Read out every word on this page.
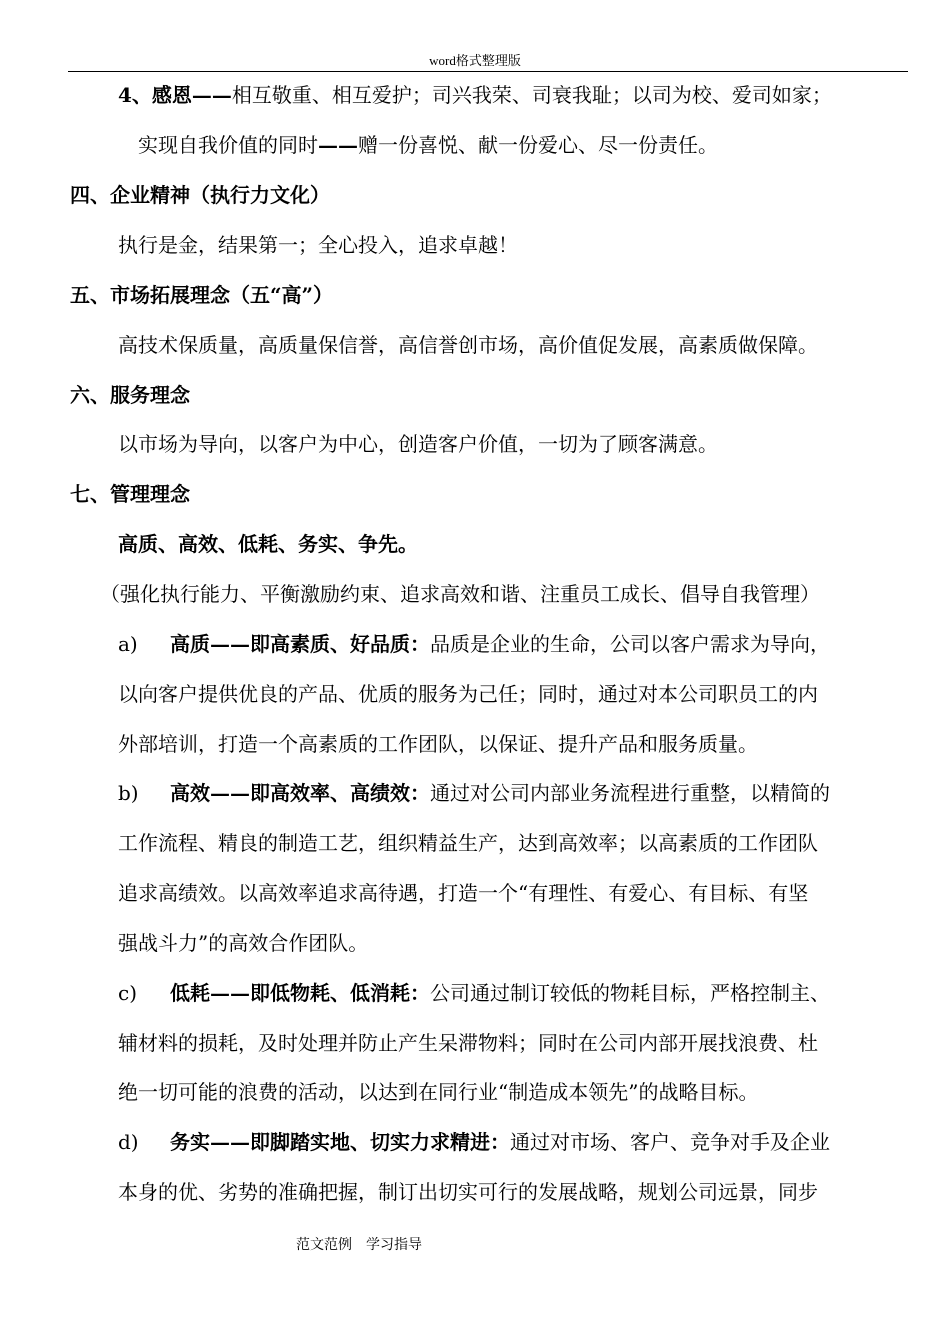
word格式整理版
4、感恩——相互敬重、相互爱护；司兴我荣、司衰我耻；以司为校、爱司如家；
实现自我价值的同时——赠一份喜悦、献一份爱心、尽一份责任。
四、企业精神（执行力文化）
执行是金，结果第一；全心投入，追求卓越！
五、市场拓展理念（五“高”）
高技术保质量，高质量保信誉，高信誉创市场，高价值促发展，高素质做保障。
六、服务理念
以市场为导向，以客户为中心，创造客户价值，一切为了顾客满意。
七、管理理念
高质、高效、低耗、务实、争先。
（强化执行能力、平衡激励约束、追求高效和谐、注重员工成长、倡导自我管理）
a) 高质——即高素质、好品质：品质是企业的生命，公司以客户需求为导向，
以向客户提供优良的产品、优质的服务为己任；同时，通过对本公司职员工的内
外部培训，打造一个高素质的工作团队，以保证、提升产品和服务质量。
b) 高效——即高效率、高绩效：通过对公司内部业务流程进行重整，以精简的
工作流程、精良的制造工艺，组织精益生产，达到高效率；以高素质的工作团队
追求高绩效。以高效率追求高待遇，打造一个“有理性、有爱心、有目标、有坚
强战斗力”的高效合作团队。
c) 低耗——即低物耗、低消耗：公司通过制订较低的物耗目标，严格控制主、
辅材料的损耗，及时处理并防止产生呆滞物料；同时在公司内部开展找浪费、杜
绝一切可能的浪费的活动，以达到在同行业“制造成本领先”的战略目标。
d) 务实——即脚踏实地、切实力求精进：通过对市场、客户、竞争对手及企业
本身的优、劣势的准确把握，制订出切实可行的发展战略，规划公司远景，同步
范文范例　学习指导
